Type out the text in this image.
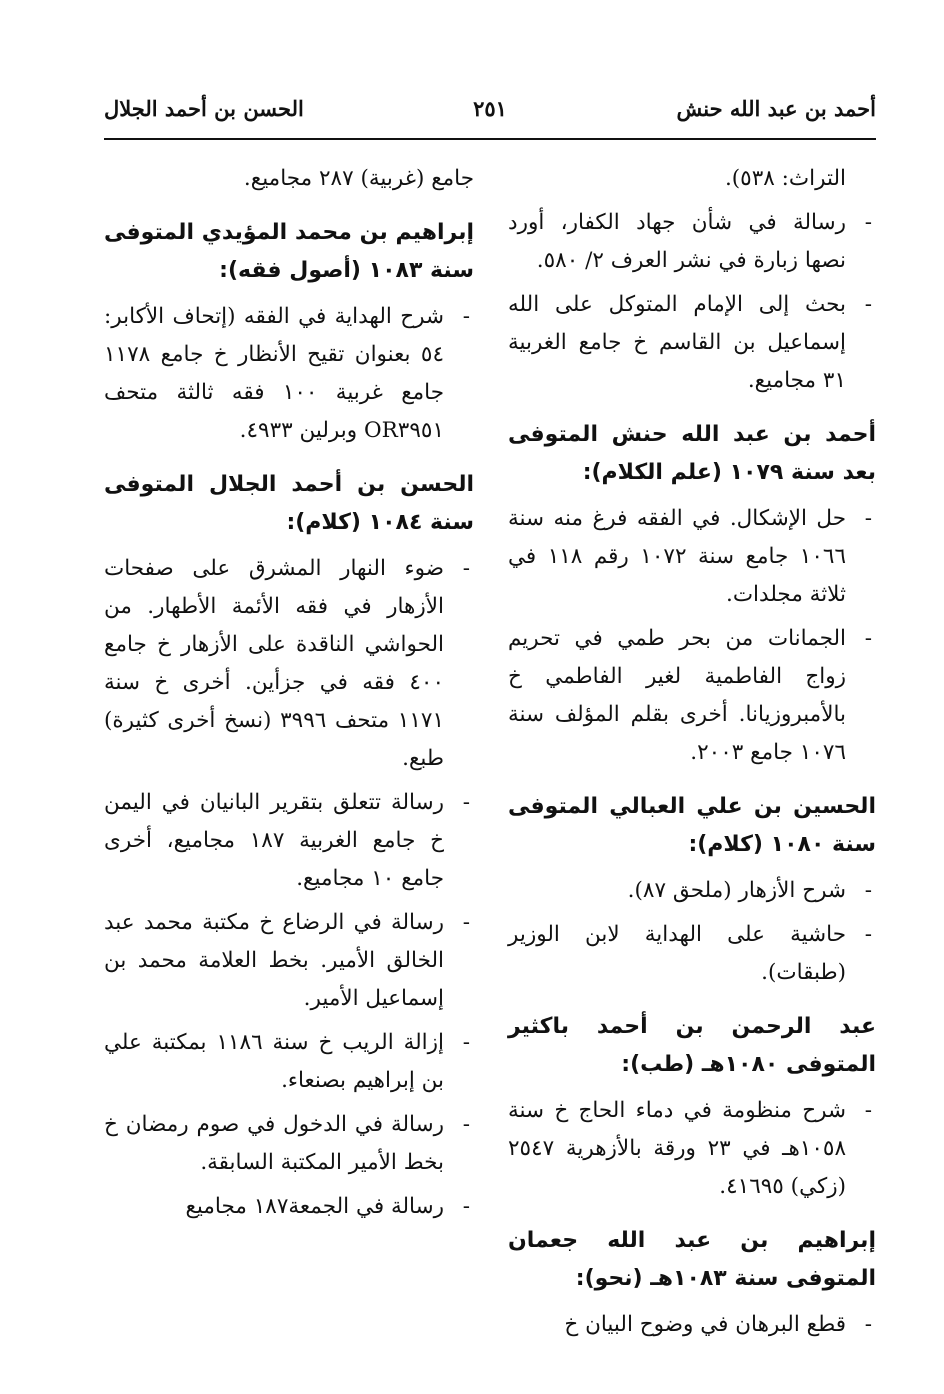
أحمد بن عبد الله حنش
٢٥١
الحسن بن أحمد الجلال
التراث: ٥٣٨).
-
رسالة في شأن جهاد الكفار، أورد نصها زبارة في نشر العرف ٢/ ٥٨٠.
-
بحث إلى الإمام المتوكل على الله إسماعيل بن القاسم خ جامع الغربية ٣١ مجاميع.
أحمد بن عبد الله حنش المتوفى بعد سنة ١٠٧٩ (علم الكلام):
-
حل الإشكال. في الفقه فرغ منه سنة ١٠٦٦ جامع سنة ١٠٧٢ رقم ١١٨ في ثلاثة مجلدات.
-
الجمانات من بحر طمي في تحريم زواج الفاطمية لغير الفاطمي خ بالأمبروزيانا. أخرى بقلم المؤلف سنة ١٠٧٦ جامع ٢٠٠٣.
الحسين بن علي العبالي المتوفى سنة ١٠٨٠ (كلام):
-
شرح الأزهار (ملحق ٨٧).
-
حاشية على الهداية لابن الوزير (طبقات).
عبد الرحمن بن أحمد باكثير المتوفى ١٠٨٠هـ (طب):
-
شرح منظومة في دماء الحاج خ سنة ١٠٥٨هـ في ٢٣ ورقة بالأزهرية ٢٥٤٧ (زكي) ٤١٦٩٥.
إبراهيم بن عبد الله جعمان المتوفى سنة ١٠٨٣هـ (نحو):
-
قطع البرهان في وضوح البيان خ
جامع (غربية) ٢٨٧ مجاميع.
إبراهيم بن محمد المؤيدي المتوفى سنة ١٠٨٣ (أصول فقه):
-
شرح الهداية في الفقه (إتحاف الأكابر: ٥٤ بعنوان تقيح الأنظار خ جامع ١١٧٨ جامع غربية ١٠٠ فقه ثالثة متحف OR٣٩٥١ وبرلين ٤٩٣٣.
الحسن بن أحمد الجلال المتوفى سنة ١٠٨٤ (كلام):
-
ضوء النهار المشرق على صفحات الأزهار في فقه الأئمة الأطهار. من الحواشي الناقدة على الأزهار خ جامع ٤٠٠ فقه في جزأين. أخرى خ سنة ١١٧١ متحف ٣٩٩٦ (نسخ أخرى كثيرة) طبع.
-
رسالة تتعلق بتقرير البانيان في اليمن خ جامع الغربية ١٨٧ مجاميع، أخرى جامع ١٠ مجاميع.
-
رسالة في الرضاع خ مكتبة محمد عبد الخالق الأمير. بخط العلامة محمد بن إسماعيل الأمير.
-
إزالة الريب خ سنة ١١٨٦ بمكتبة علي بن إبراهيم بصنعاء.
-
رسالة في الدخول في صوم رمضان خ بخط الأمير المكتبة السابقة.
-
رسالة في الجمعة١٨٧ مجاميع
